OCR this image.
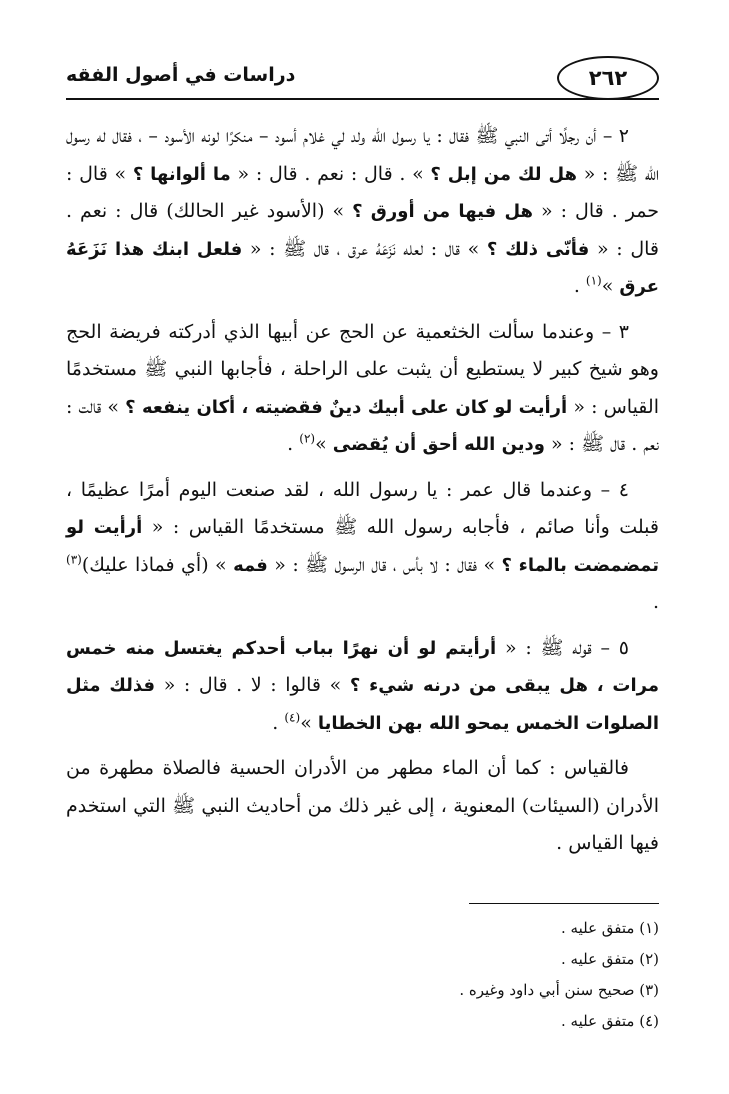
٢٦٢
دراسات في أصول الفقه

٢ – أن رجلًا أتى النبي ﷺ فقال : يا رسول الله ولد لي غلام أسود – منكرًا لونه الأسود – ، فقال له رسول الله ﷺ : « هل لك من إبل ؟ » . قال : نعم . قال : « ما ألوانها ؟ » قال : حمر . قال : « هل فيها من أورق ؟ » (الأسود غير الحالك) قال : نعم . قال : « فأنّى ذلك ؟ » قال : لعله نَزَعَهُ عرق ، قال ﷺ : « فلعل ابنك هذا نَزَعَهُ عرق »$^{(١)}$ .

٣ – وعندما سألت الخثعمية عن الحج عن أبيها الذي أدركته فريضة الحج وهو شيخ كبير لا يستطيع أن يثبت على الراحلة ، فأجابها النبي ﷺ مستخدمًا القياس : « أرأيت لو كان على أبيك دينٌ فقضيته ، أكان ينفعه ؟ » قالت : نعم . قال ﷺ : « ودين الله أحق أن يُقضى »$^{(٢)}$ .

٤ – وعندما قال عمر : يا رسول الله ، لقد صنعت اليوم أمرًا عظيمًا ، قبلت وأنا صائم ، فأجابه رسول الله ﷺ مستخدمًا القياس : « أرأيت لو تمضمضت بالماء ؟ » فقال : لا بأس ، قال الرسول ﷺ : « فمه » (أي فماذا عليك)$^{(٣)}$ .

٥ – قوله ﷺ : « أرأيتم لو أن نهرًا بباب أحدكم يغتسل منه خمس مرات ، هل يبقى من درنه شيء ؟ » قالوا : لا . قال : « فذلك مثل الصلوات الخمس يمحو الله بهن الخطايا »$^{(٤)}$ .

فالقياس : كما أن الماء مطهر من الأدران الحسية فالصلاة مطهرة من الأدران (السيئات) المعنوية ، إلى غير ذلك من أحاديث النبي ﷺ التي استخدم فيها القياس .

(١) متفق عليه .
(٢) متفق عليه .
(٣) صحيح سنن أبي داود وغيره .
(٤) متفق عليه .
